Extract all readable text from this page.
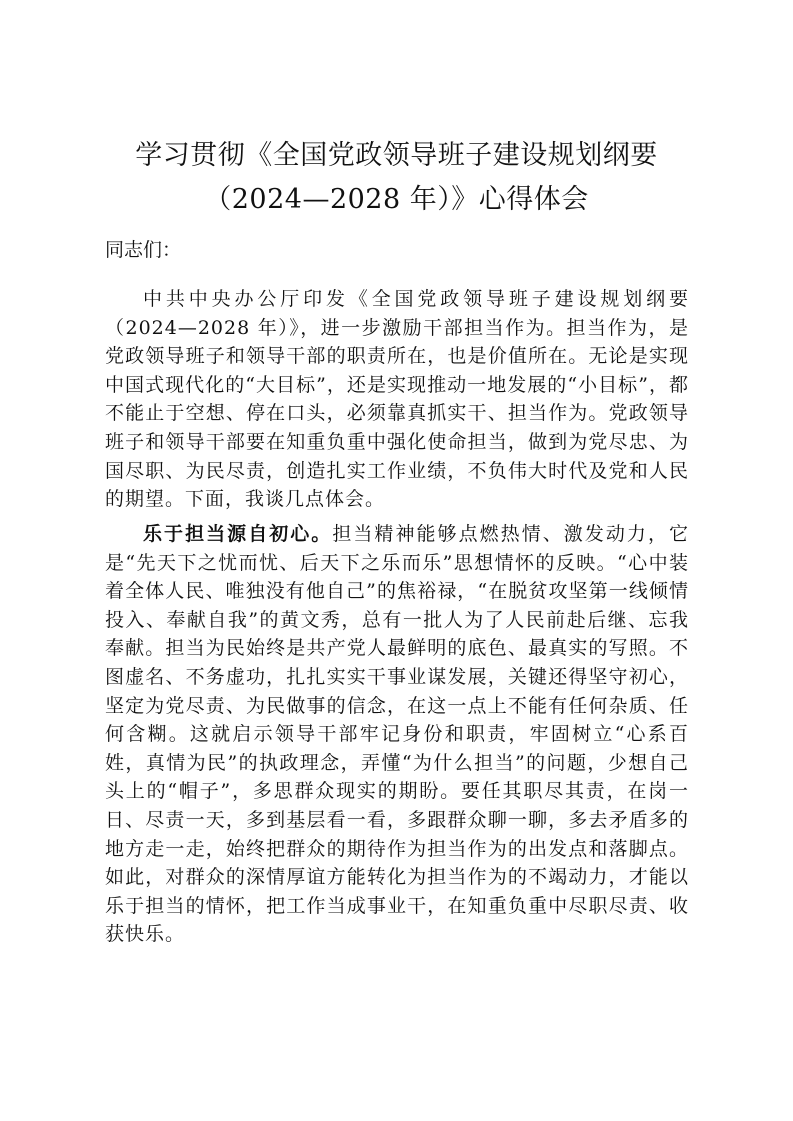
学习贯彻《全国党政领导班子建设规划纲要
（2024—2028 年）》心得体会
同志们：
中共中央办公厅印发《全国党政领导班子建设规划纲要（2024—2028 年）》，进一步激励干部担当作为。担当作为，是党政领导班子和领导干部的职责所在，也是价值所在。无论是实现中国式现代化的“大目标”，还是实现推动一地发展的“小目标”，都不能止于空想、停在口头，必须靠真抓实干、担当作为。党政领导班子和领导干部要在知重负重中强化使命担当，做到为党尽忠、为国尽职、为民尽责，创造扎实工作业绩，不负伟大时代及党和人民的期望。下面，我谈几点体会。
乐于担当源自初心。担当精神能够点燃热情、激发动力，它是“先天下之忧而忧、后天下之乐而乐”思想情怀的反映。“心中装着全体人民、唯独没有他自己”的焦裕禄，“在脱贫攻坚第一线倾情投入、奉献自我”的黄文秀，总有一批人为了人民前赴后继、忘我奉献。担当为民始终是共产党人最鲜明的底色、最真实的写照。不图虚名、不务虚功，扎扎实实干事业谋发展，关键还得坚守初心，坚定为党尽责、为民做事的信念，在这一点上不能有任何杂质、任何含糊。这就启示领导干部牢记身份和职责，牢固树立“心系百姓，真情为民”的执政理念，弄懂“为什么担当”的问题，少想自己头上的“帽子”，多思群众现实的期盼。要任其职尽其责，在岗一日、尽责一天，多到基层看一看，多跟群众聊一聊，多去矛盾多的地方走一走，始终把群众的期待作为担当作为的出发点和落脚点。如此，对群众的深情厚谊方能转化为担当作为的不竭动力，才能以乐于担当的情怀，把工作当成事业干，在知重负重中尽职尽责、收获快乐。
